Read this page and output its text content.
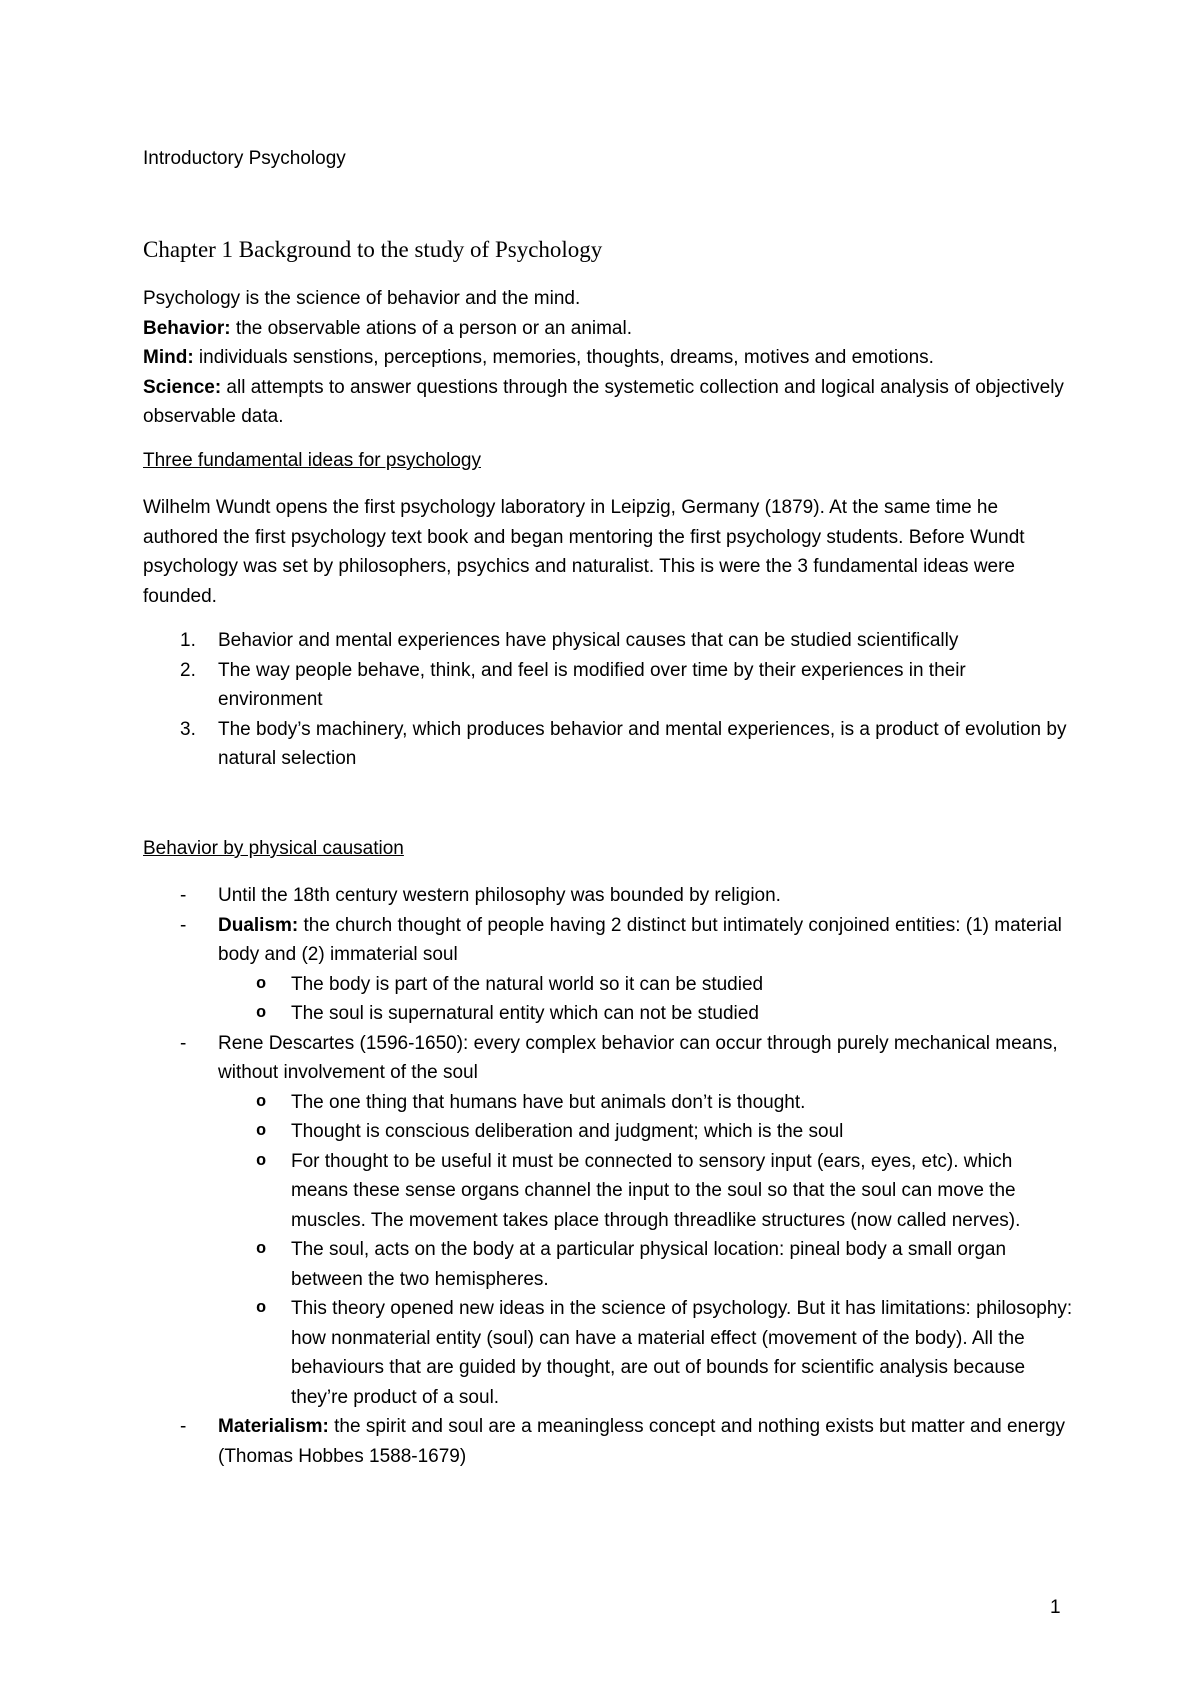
Introductory Psychology
Chapter 1 Background to the study of Psychology

Psychology is the science of behavior and the mind.

Behavior: the observable ations of a person or an animal.

Mind: individuals senstions, perceptions, memories, thoughts, dreams, motives and emotions.

Science: all attempts to answer questions through the systemetic collection and logical analysis of objectively observable data.

Three fundamental ideas for psychology

Wilhelm Wundt opens the first psychology laboratory in Leipzig, Germany (1879). At the same time he authored the first psychology text book and began mentoring the first psychology students. Before Wundt psychology was set by philosophers, psychics and naturalist. This is were the 3 fundamental ideas were founded.

1. Behavior and mental experiences have physical causes that can be studied scientifically
2. The way people behave, think, and feel is modified over time by their experiences in their environment
3. The body’s machinery, which produces behavior and mental experiences, is a product of evolution by natural selection
Behavior by physical causation
- Until the 18th century western philosophy was bounded by religion.
- Dualism: the church thought of people having 2 distinct but intimately conjoined entities: (1) material body and (2) immaterial soul
o The body is part of the natural world so it can be studied
o The soul is supernatural entity which can not be studied
- Rene Descartes (1596-1650): every complex behavior can occur through purely mechanical means, without involvement of the soul
o The one thing that humans have but animals don’t is thought.
o Thought is conscious deliberation and judgment; which is the soul
o For thought to be useful it must be connected to sensory input (ears, eyes, etc). which means these sense organs channel the input to the soul so that the soul can move the muscles. The movement takes place through threadlike structures (now called nerves).
o The soul, acts on the body at a particular physical location: pineal body a small organ between the two hemispheres.
o This theory opened new ideas in the science of psychology. But it has limitations: philosophy: how nonmaterial entity (soul) can have a material effect (movement of the body). All the behaviours that are guided by thought, are out of bounds for scientific analysis because they’re product of a soul.
- Materialism: the spirit and soul are a meaningless concept and nothing exists but matter and energy (Thomas Hobbes 1588-1679)
1
